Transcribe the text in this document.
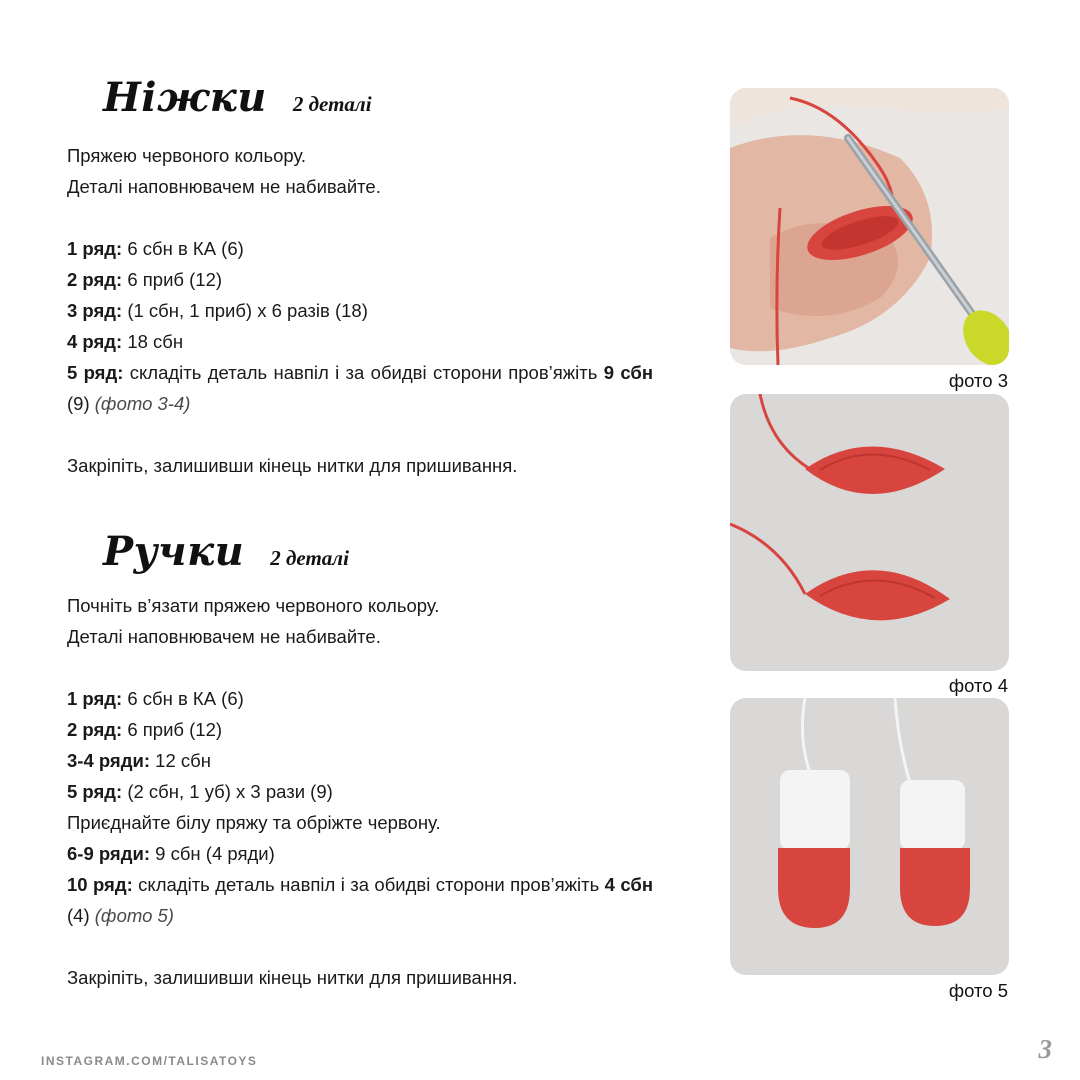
Ніжки 2 деталі

Пряжею червоного кольору.

Деталі наповнювачем не набивайте.

1 ряд: 6 сбн в КА (6)

2 ряд: 6 приб (12)

3 ряд: (1 сбн, 1 приб) х 6 разів (18)

4 ряд: 18 сбн

5 ряд: складіть деталь навпіл і за обидві сторони пров’яжіть 9 сбн (9) (фото 3-4)

Закріпіть, залишивши кінець нитки для пришивання.

Ручки 2 деталі

Почніть в’язати пряжею червоного кольору.

Деталі наповнювачем не набивайте.

1 ряд: 6 сбн в КА (6)

2 ряд: 6 приб (12)

3-4 ряди: 12 сбн

5 ряд: (2 сбн, 1 уб) х 3 рази (9)

Приєднайте білу пряжу та обріжте червону.

6-9 ряди: 9 сбн (4 ряди)

10 ряд: складіть деталь навпіл і за обидві сторони пров’яжіть 4 сбн (4) (фото 5)

Закріпіть, залишивши кінець нитки для пришивання.

фото 3
фото 4
фото 5
INSTAGRAM.COM/TALISATOYS	3
